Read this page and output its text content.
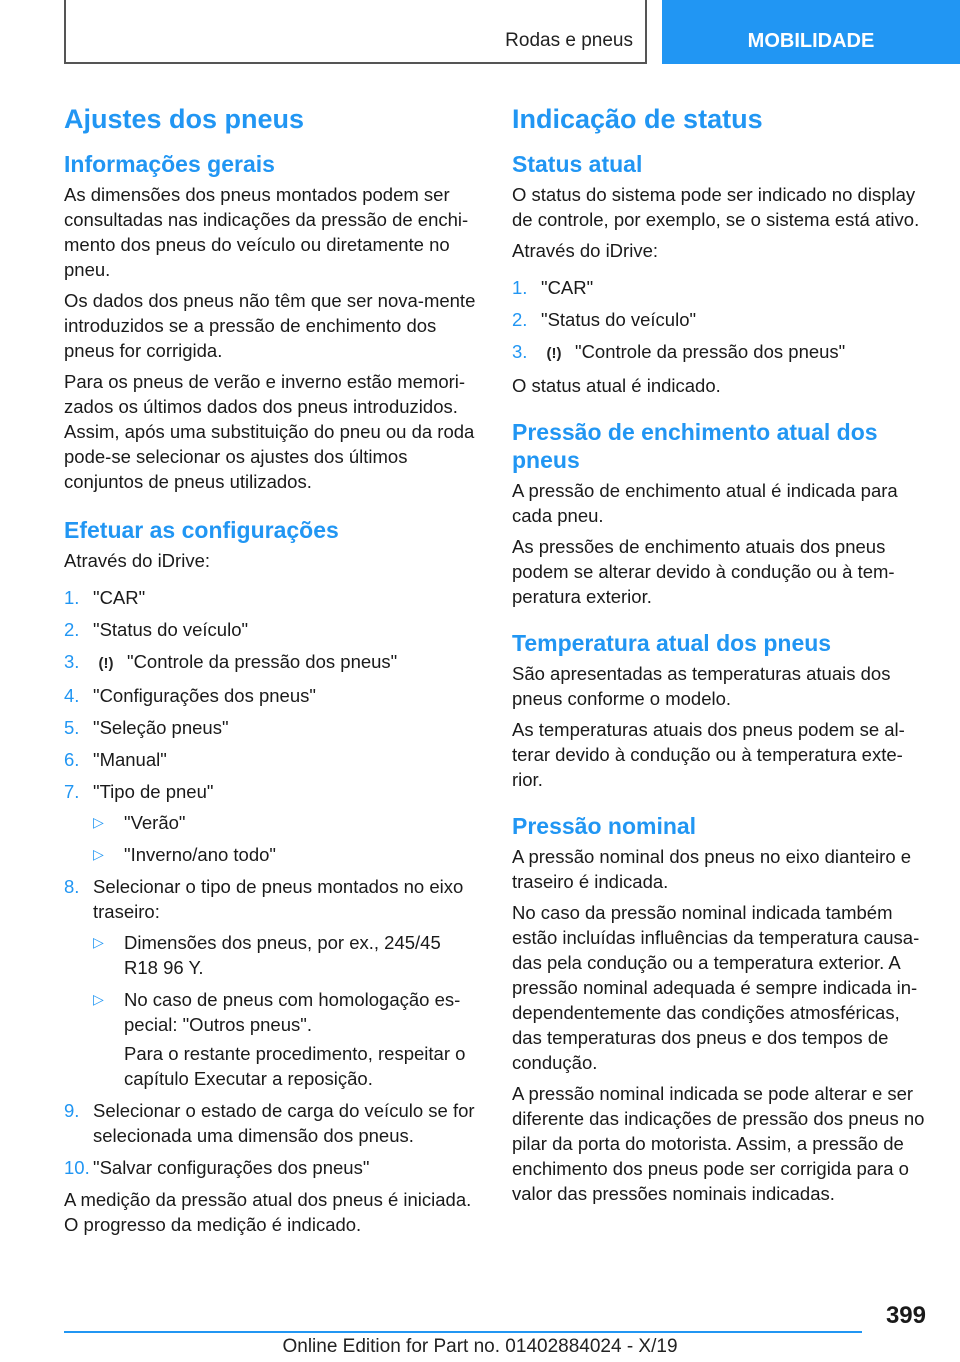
Rodas e pneus	MOBILIDADE
Ajustes dos pneus
Informações gerais

As dimensões dos pneus montados podem ser consultadas nas indicações da pressão de enchi-mento dos pneus do veículo ou diretamente no pneu.

Os dados dos pneus não têm que ser nova-mente introduzidos se a pressão de enchimento dos pneus for corrigida.

Para os pneus de verão e inverno estão memori-zados os últimos dados dos pneus introduzidos. Assim, após uma substituição do pneu ou da roda pode-se selecionar os ajustes dos últimos conjuntos de pneus utilizados.

Efetuar as configurações

Através do iDrive:

1. "CAR"
2. "Status do veículo"
3. (!) "Controle da pressão dos pneus"
4. "Configurações dos pneus"
5. "Seleção pneus"
6. "Manual"
7. "Tipo de pneu"
▷ "Verão"
▷ "Inverno/ano todo"
8. Selecionar o tipo de pneus montados no eixo traseiro:
▷ Dimensões dos pneus, por ex., 245/45 R18 96 Y.
▷ No caso de pneus com homologação es-pecial: "Outros pneus".
Para o restante procedimento, respeitar o capítulo Executar a reposição.
9. Selecionar o estado de carga do veículo se for selecionada uma dimensão dos pneus.
10. "Salvar configurações dos pneus"

A medição da pressão atual dos pneus é iniciada. O progresso da medição é indicado.

Indicação de status
Status atual

O status do sistema pode ser indicado no display de controle, por exemplo, se o sistema está ativo.

Através do iDrive:

1. "CAR"
2. "Status do veículo"
3. (!) "Controle da pressão dos pneus"

O status atual é indicado.

Pressão de enchimento atual dos pneus

A pressão de enchimento atual é indicada para cada pneu.

As pressões de enchimento atuais dos pneus podem se alterar devido à condução ou à tem-peratura exterior.

Temperatura atual dos pneus

São apresentadas as temperaturas atuais dos pneus conforme o modelo.

As temperaturas atuais dos pneus podem se al-terar devido à condução ou à temperatura exte-rior.

Pressão nominal

A pressão nominal dos pneus no eixo dianteiro e traseiro é indicada.

No caso da pressão nominal indicada também estão incluídas influências da temperatura causa-das pela condução ou a temperatura exterior. A pressão nominal adequada é sempre indicada in-dependentemente das condições atmosféricas, das temperaturas dos pneus e dos tempos de condução.

A pressão nominal indicada se pode alterar e ser diferente das indicações de pressão dos pneus no pilar da porta do motorista. Assim, a pressão de enchimento dos pneus pode ser corrigida para o valor das pressões nominais indicadas.

399
Online Edition for Part no. 01402884024 - X/19
